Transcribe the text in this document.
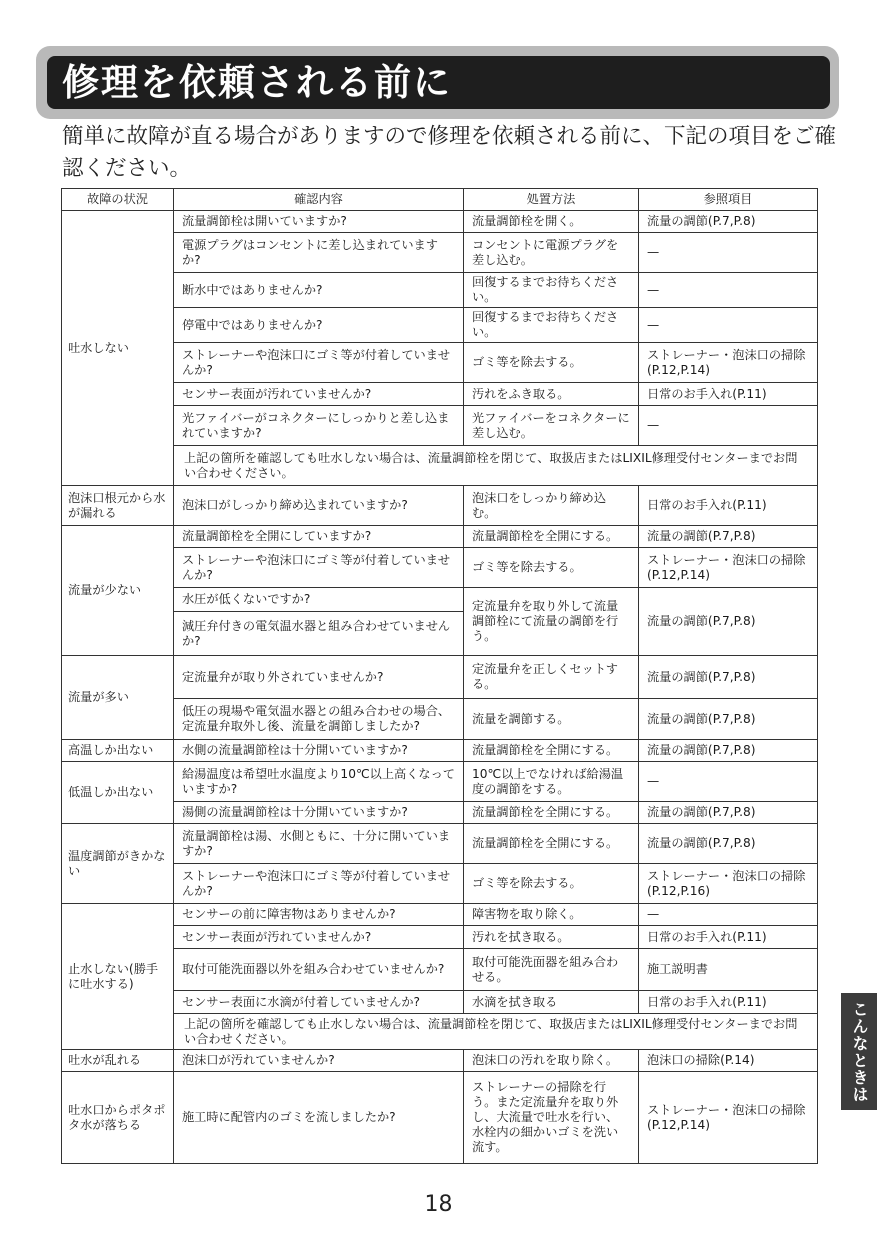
修理を依頼される前に

簡単に故障が直る場合がありますので修理を依頼される前に、下記の項目をご確認ください。

故障の状況	確認内容	処置方法	参照項目
吐水しない	流量調節栓は開いていますか?	流量調節栓を開く。	流量の調節(P.7,P.8)
	電源プラグはコンセントに差し込まれていますか?	コンセントに電源プラグを差し込む。	—
	断水中ではありませんか?	回復するまでお待ちください。	—
	停電中ではありませんか?	回復するまでお待ちください。	—
	ストレーナーや泡沫口にゴミ等が付着していませんか?	ゴミ等を除去する。	ストレーナー・泡沫口の掃除(P.12,P.14)
	センサー表面が汚れていませんか?	汚れをふき取る。	日常のお手入れ(P.11)
	光ファイバーがコネクターにしっかりと差し込まれていますか?	光ファイバーをコネクターに差し込む。	—
	上記の箇所を確認しても吐水しない場合は、流量調節栓を閉じて、取扱店またはLIXIL修理受付センターまでお問い合わせください。		
泡沫口根元から水が漏れる	泡沫口がしっかり締め込まれていますか?	泡沫口をしっかり締め込む。	日常のお手入れ(P.11)
流量が少ない	流量調節栓を全開にしていますか?	流量調節栓を全開にする。	流量の調節(P.7,P.8)
	ストレーナーや泡沫口にゴミ等が付着していませんか?	ゴミ等を除去する。	ストレーナー・泡沫口の掃除(P.12,P.14)
	水圧が低くないですか?	定流量弁を取り外して流量調節栓にて流量の調節を行う。	流量の調節(P.7,P.8)
	減圧弁付きの電気温水器と組み合わせていませんか?		
流量が多い	定流量弁が取り外されていませんか?	定流量弁を正しくセットする。	流量の調節(P.7,P.8)
	低圧の現場や電気温水器との組み合わせの場合、定流量弁取外し後、流量を調節しましたか?	流量を調節する。	流量の調節(P.7,P.8)
高温しか出ない	水側の流量調節栓は十分開いていますか?	流量調節栓を全開にする。	流量の調節(P.7,P.8)
低温しか出ない	給湯温度は希望吐水温度より10℃以上高くなっていますか?	10℃以上でなければ給湯温度の調節をする。	—
	湯側の流量調節栓は十分開いていますか?	流量調節栓を全開にする。	流量の調節(P.7,P.8)
温度調節がきかない	流量調節栓は湯、水側ともに、十分に開いていますか?	流量調節栓を全開にする。	流量の調節(P.7,P.8)
	ストレーナーや泡沫口にゴミ等が付着していませんか?	ゴミ等を除去する。	ストレーナー・泡沫口の掃除(P.12,P.16)
止水しない(勝手に吐水する)	センサーの前に障害物はありませんか?	障害物を取り除く。	—
	センサー表面が汚れていませんか?	汚れを拭き取る。	日常のお手入れ(P.11)
	取付可能洗面器以外を組み合わせていませんか?	取付可能洗面器を組み合わせる。	施工説明書
	センサー表面に水滴が付着していませんか?	水滴を拭き取る	日常のお手入れ(P.11)
	上記の箇所を確認しても止水しない場合は、流量調節栓を閉じて、取扱店またはLIXIL修理受付センターまでお問い合わせください。		
吐水が乱れる	泡沫口が汚れていませんか?	泡沫口の汚れを取り除く。	泡沫口の掃除(P.14)
吐水口からポタポタ水が落ちる	施工時に配管内のゴミを流しましたか?	ストレーナーの掃除を行う。また定流量弁を取り外し、大流量で吐水を行い、水栓内の細かいゴミを洗い流す。	ストレーナー・泡沫口の掃除(P.12,P.14)
こんなときは
18
